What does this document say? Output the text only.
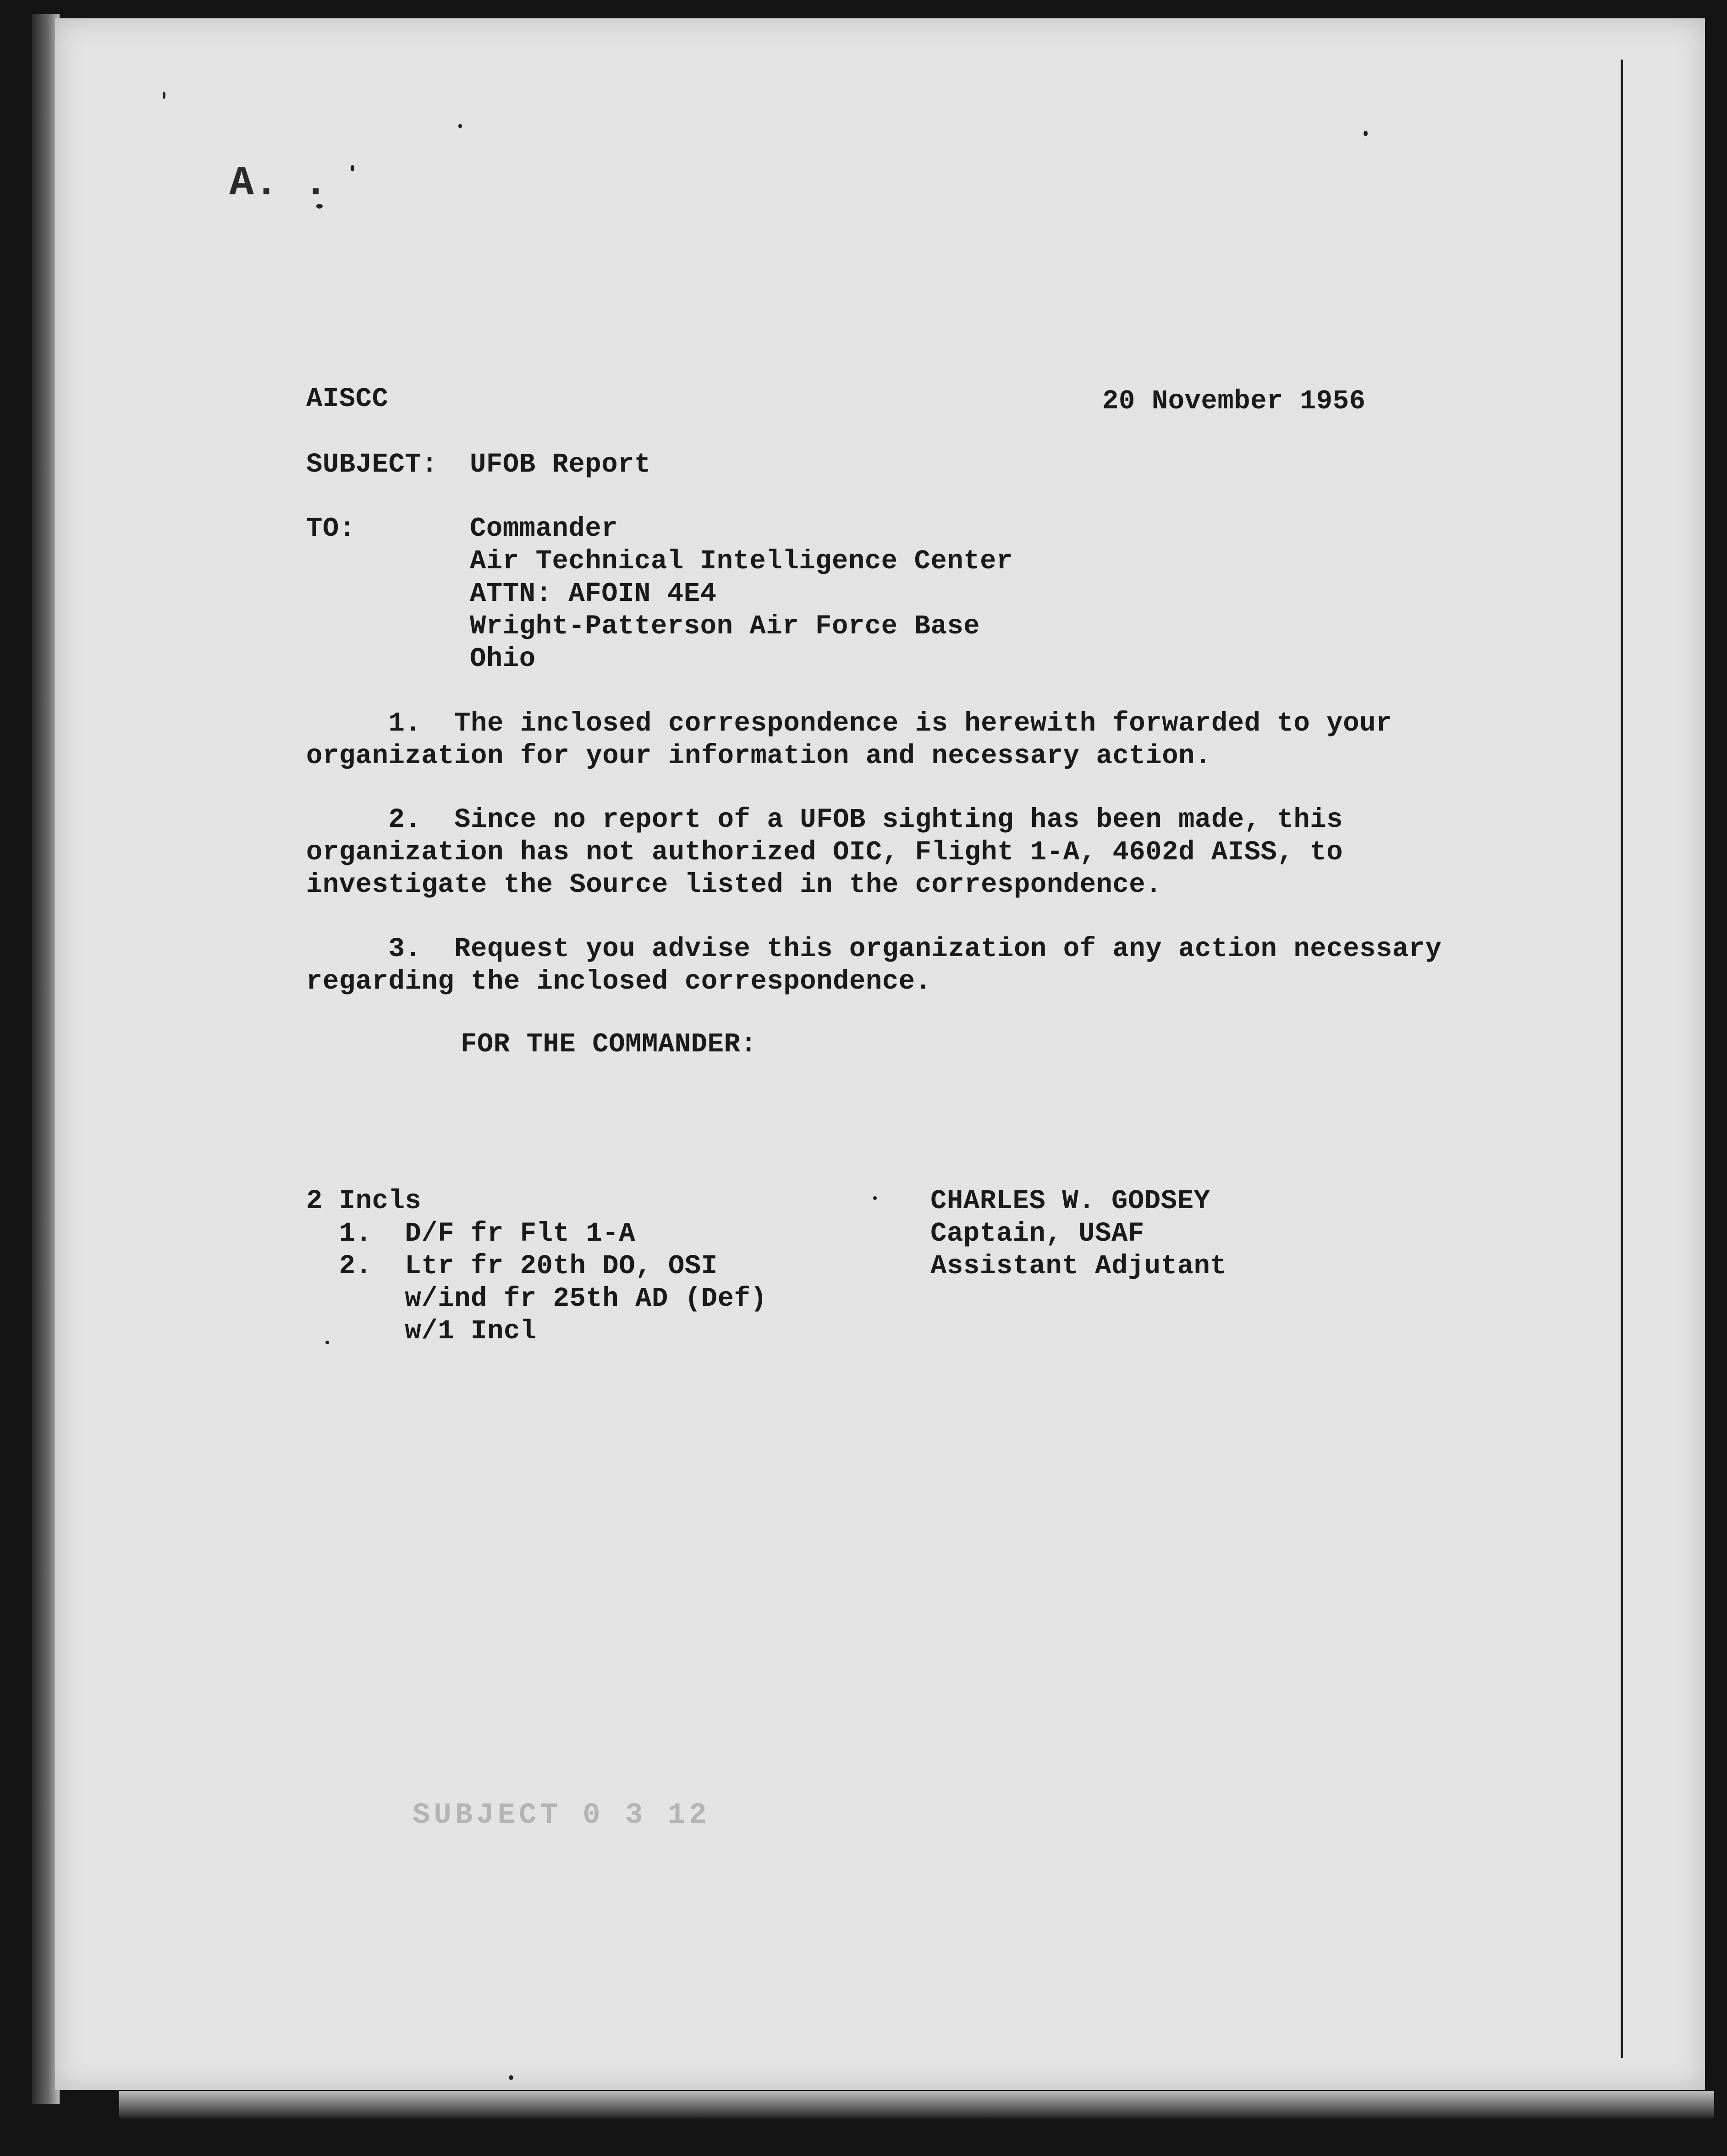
A. .
AISCC	20 November 1956
SUBJECT: UFOB Report
TO:	Commander
Air Technical Intelligence Center
ATTN: AFOIN 4E4
Wright-Patterson Air Force Base
Ohio
1.  The inclosed correspondence is herewith forwarded to your
organization for your information and necessary action.
2.  Since no report of a UFOB sighting has been made, this
organization has not authorized OIC, Flight 1-A, 4602d AISS, to
investigate the Source listed in the correspondence.
3.  Request you advise this organization of any action necessary
regarding the inclosed correspondence.
FOR THE COMMANDER:
2 Incls
1.  D/F fr Flt 1-A
2.  Ltr fr 20th DO, OSI
w/ind fr 25th AD (Def)
w/1 Incl
CHARLES W. GODSEY
Captain, USAF
Assistant Adjutant
SUBJECT 0 3 12
